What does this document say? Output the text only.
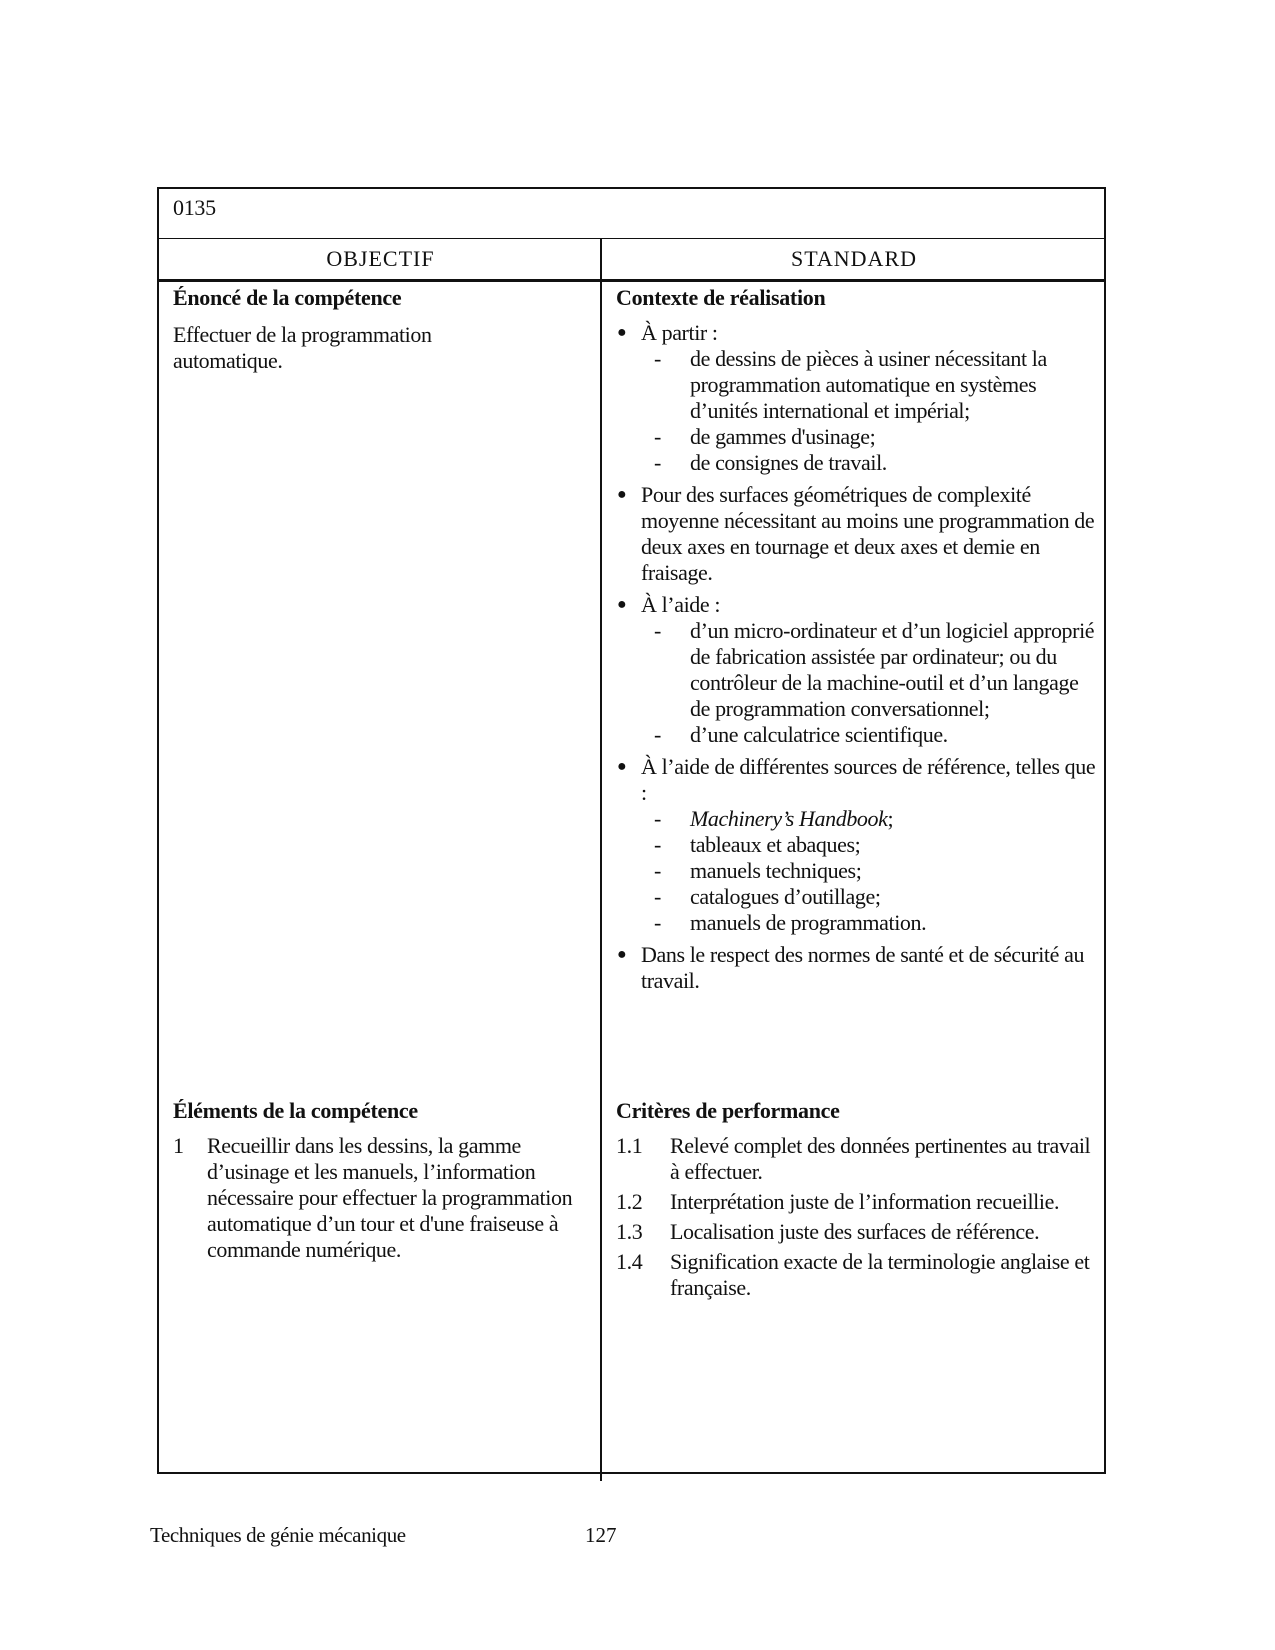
0135
OBJECTIF	STANDARD
Énoncé de la compétence

Effectuer de la programmation automatique.

Contexte de réalisation
● À partir :
- de dessins de pièces à usiner nécessitant la programmation automatique en systèmes d’unités international et impérial;
- de gammes d'usinage;
- de consignes de travail.
● Pour des surfaces géométriques de complexité moyenne nécessitant au moins une programmation de deux axes en tournage et deux axes et demie en fraisage.
● À l’aide :
- d’un micro-ordinateur et d’un logiciel approprié de fabrication assistée par ordinateur; ou du contrôleur de la machine-outil et d’un langage de programmation conversationnel;
- d’une calculatrice scientifique.
● À l’aide de différentes sources de référence, telles que :
- Machinery’s Handbook;
- tableaux et abaques;
- manuels techniques;
- catalogues d’outillage;
- manuels de programmation.
● Dans le respect des normes de santé et de sécurité au travail.
Éléments de la compétence
1 Recueillir dans les dessins, la gamme d’usinage et les manuels, l’information nécessaire pour effectuer la programmation automatique d’un tour et d'une fraiseuse à commande numérique.
Critères de performance
1.1 Relevé complet des données pertinentes au travail à effectuer.
1.2 Interprétation juste de l’information recueillie.
1.3 Localisation juste des surfaces de référence.
1.4 Signification exacte de la terminologie anglaise et française.
Techniques de génie mécanique	127
